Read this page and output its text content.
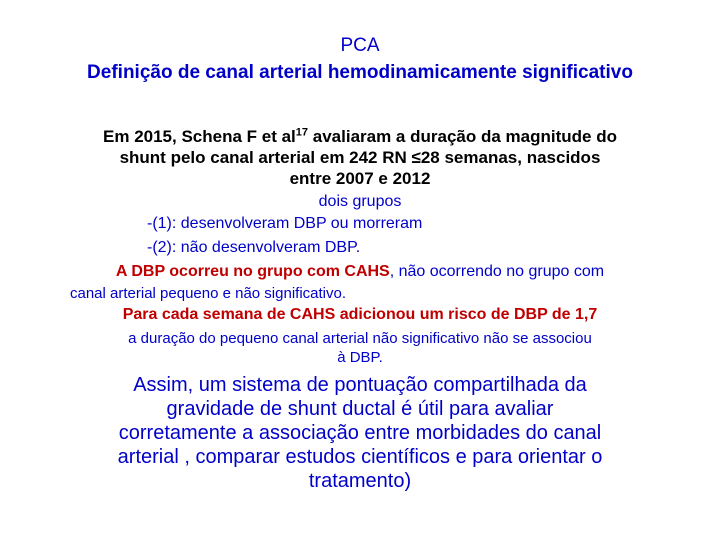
PCA
Definição de canal arterial hemodinamicamente significativo
Em 2015, Schena F et $al^{17}$ avaliaram a duração da magnitude do
shunt pelo canal arterial em 242 RN ≤28 semanas, nascidos
entre 2007 e 2012
dois grupos
-(1): desenvolveram DBP ou morreram
-(2): não desenvolveram DBP.
A DBP ocorreu no grupo com CAHS, não ocorrendo no grupo com
canal arterial pequeno e não significativo.
Para cada semana de CAHS adicionou um risco de DBP de 1,7
a duração do pequeno canal arterial não significativo não se associou
à DBP.
Assim, um sistema de pontuação compartilhada da
gravidade de shunt ductal é útil para avaliar
corretamente a associação entre morbidades do canal
arterial , comparar estudos científicos e para orientar o
tratamento)
